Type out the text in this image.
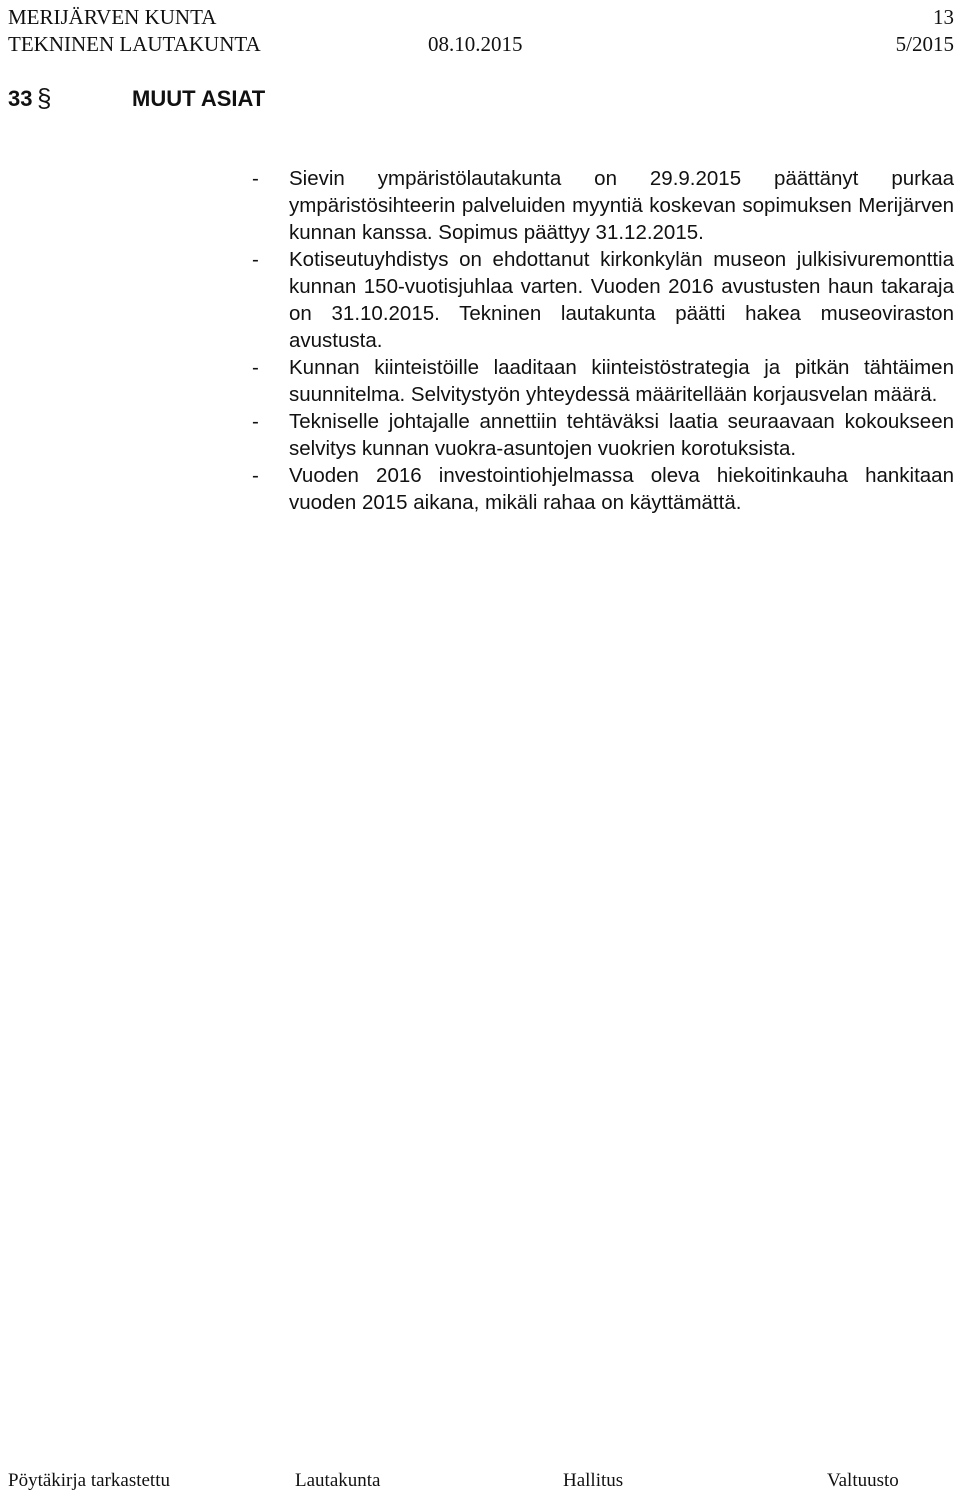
MERIJÄRVEN KUNTA	13
TEKNINEN LAUTAKUNTA	08.10.2015	5/2015
33 §	MUUT ASIAT
- Sievin ympäristölautakunta on 29.9.2015 päättänyt purkaa ympäristösihteerin palveluiden myyntiä koskevan sopimuksen Merijärven kunnan kanssa. Sopimus päättyy 31.12.2015.
- Kotiseutuyhdistys on ehdottanut kirkonkylän museon julkisivuremonttia kunnan 150-vuotisjuhlaa varten. Vuoden 2016 avustusten haun takaraja on 31.10.2015. Tekninen lautakunta päätti hakea museoviraston avustusta.
- Kunnan kiinteistöille laaditaan kiinteistöstrategia ja pitkän tähtäimen suunnitelma. Selvitystyön yhteydessä määritellään korjausvelan määrä.
- Tekniselle johtajalle annettiin tehtäväksi laatia seuraavaan kokoukseen selvitys kunnan vuokra-asuntojen vuokrien korotuksista.
- Vuoden 2016 investointiohjelmassa oleva hiekoitinkauha hankitaan vuoden 2015 aikana, mikäli rahaa on käyttämättä.
Pöytäkirja tarkastettu	Lautakunta	Hallitus	Valtuusto
